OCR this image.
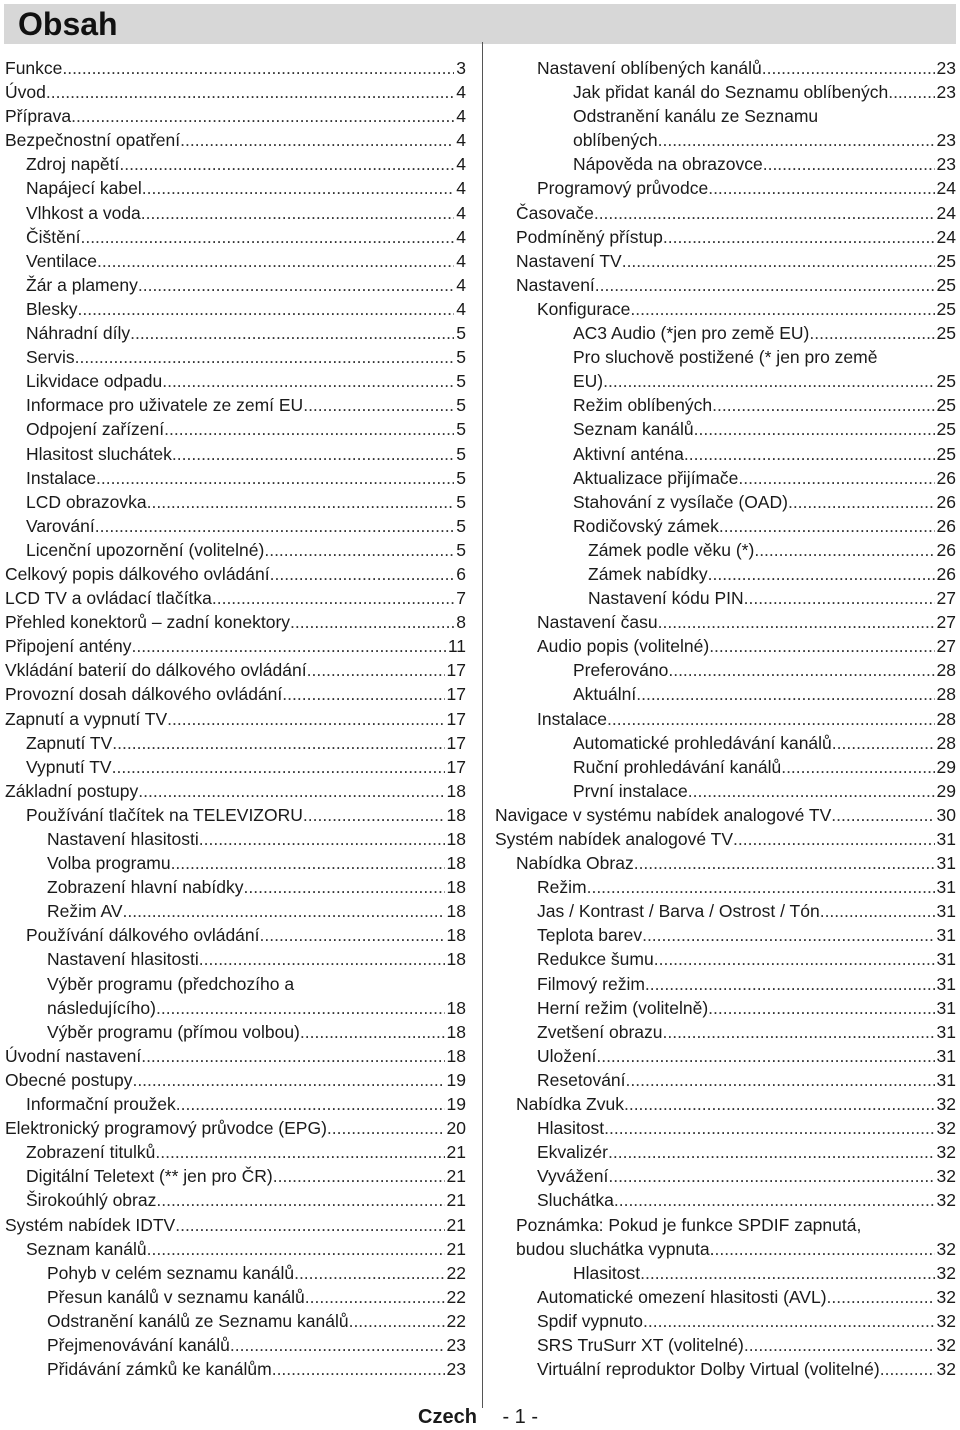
Obsah
Funkce .....	3
Úvod .....	4
Příprava .....	4
Bezpečnostní opatření .....	4
Zdroj napětí .....	4
Napájecí kabel .....	4
Vlhkost a voda .....	4
Čištění .....	4
Ventilace .....	4
Žár a plameny .....	4
Blesky .....	4
Náhradní díly .....	5
Servis .....	5
Likvidace odpadu .....	5
Informace pro uživatele ze zemí EU .....	5
Odpojení zařízení .....	5
Hlasitost sluchátek .....	5
Instalace .....	5
LCD obrazovka .....	5
Varování .....	5
Licenční upozornění (volitelné) .....	5
Celkový popis dálkového ovládání .....	6
LCD TV a ovládací tlačítka .....	7
Přehled konektorů – zadní konektory .....	8
Připojení antény .....	11
Vkládání baterií do dálkového ovládání .....	17
Provozní dosah dálkového ovládání .....	17
Zapnutí a vypnutí TV .....	17
Zapnutí TV .....	17
Vypnutí TV .....	17
Základní postupy .....	18
Používání tlačítek na TELEVIZORU .....	18
Nastavení hlasitosti .....	18
Volba programu .....	18
Zobrazení hlavní nabídky .....	18
Režim AV .....	18
Používání dálkového ovládání .....	18
Nastavení hlasitosti .....	18
Výběr programu (předchozího a
následujícího) .....	18
Výběr programu (přímou volbou) .....	18
Úvodní nastavení .....	18
Obecné postupy .....	19
Informační proužek .....	19
Elektronický programový průvodce (EPG) .....	20
Zobrazení titulků .....	21
Digitální Teletext (** jen pro ČR) .....	21
Širokoúhlý obraz .....	21
Systém nabídek IDTV .....	21
Seznam kanálů .....	21
Pohyb v celém seznamu kanálů .....	22
Přesun kanálů v seznamu kanálů .....	22
Odstranění kanálů ze Seznamu kanálů .....	22
Přejmenovávání kanálů .....	23
Přidávání zámků ke kanálům .....	23
Nastavení oblíbených kanálů .....	23
Jak přidat kanál do Seznamu oblíbených .....	23
Odstranění kanálu ze Seznamu
oblíbených .....	23
Nápověda na obrazovce .....	23
Programový průvodce .....	24
Časovače .....	24
Podmíněný přístup .....	24
Nastavení TV .....	25
Nastavení .....	25
Konfigurace .....	25
AC3 Audio (*jen pro země EU) .....	25
Pro sluchově postižené (* jen pro země
EU) .....	25
Režim oblíbených .....	25
Seznam kanálů .....	25
Aktivní anténa .....	25
Aktualizace přijímače .....	26
Stahování z vysílače (OAD) .....	26
Rodičovský zámek .....	26
Zámek podle věku (*) .....	26
Zámek nabídky .....	26
Nastavení kódu PIN .....	27
Nastavení času .....	27
Audio popis (volitelné) .....	27
Preferováno .....	28
Aktuální .....	28
Instalace .....	28
Automatické prohledávání kanálů .....	28
Ruční prohledávání kanálů .....	29
První instalace .....	29
Navigace v systému nabídek analogové TV .....	30
Systém nabídek analogové TV .....	31
Nabídka Obraz .....	31
Režim .....	31
Jas / Kontrast / Barva / Ostrost / Tón .....	31
Teplota barev .....	31
Redukce šumu .....	31
Filmový režim .....	31
Herní režim (volitelně) .....	31
Zvetšení obrazu .....	31
Uložení .....	31
Resetování .....	31
Nabídka Zvuk .....	32
Hlasitost .....	32
Ekvalizér .....	32
Vyvážení .....	32
Sluchátka .....	32
Poznámka: Pokud je funkce SPDIF zapnutá,
budou sluchátka vypnuta. .....	32
Hlasitost .....	32
Automatické omezení hlasitosti (AVL) .....	32
Spdif vypnuto .....	32
SRS TruSurr XT (volitelné) .....	32
Virtuální reproduktor Dolby Virtual (volitelné) .....	32
Czech - 1 -
